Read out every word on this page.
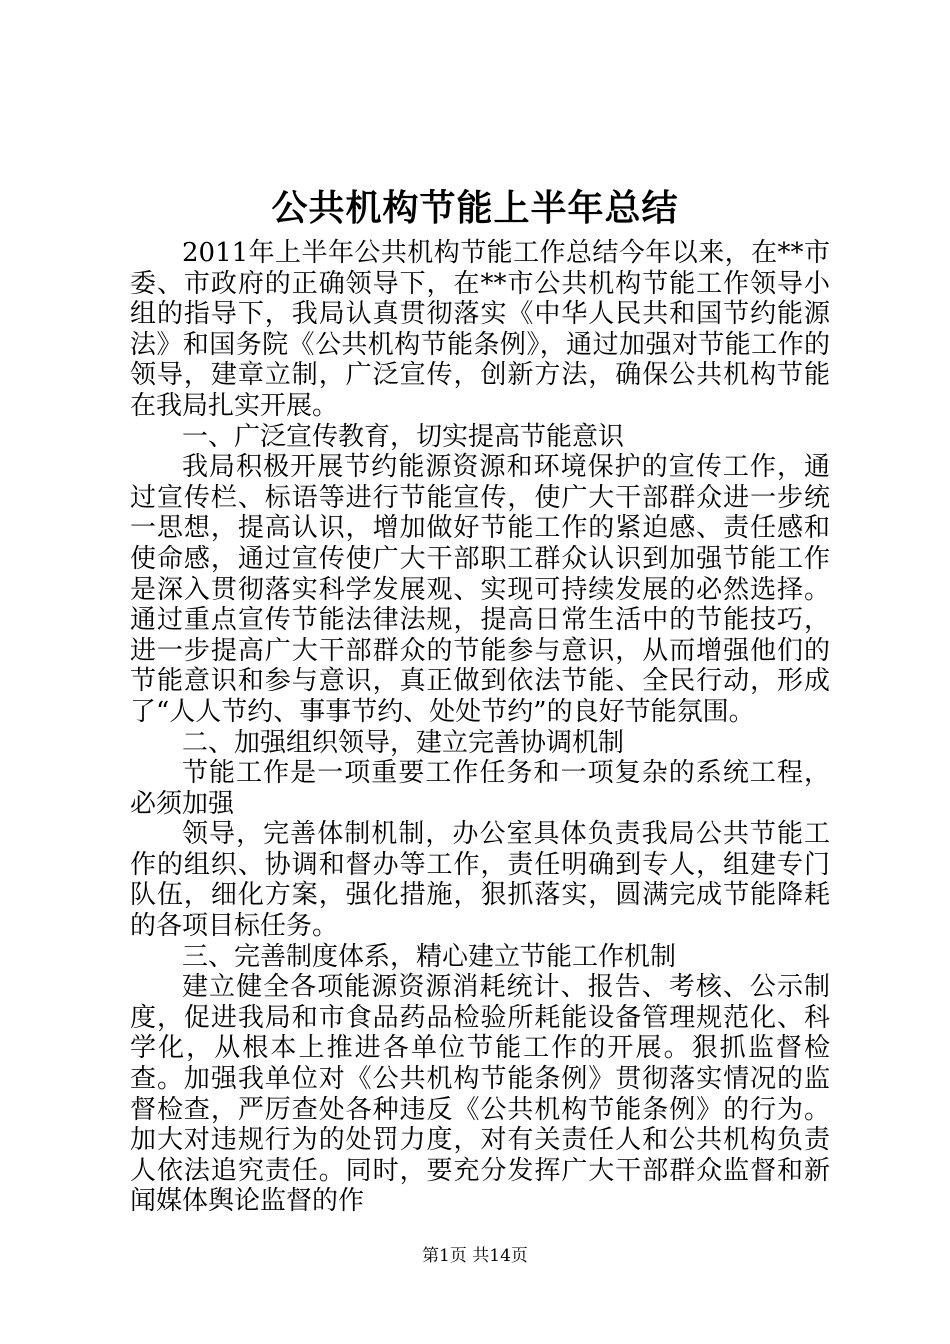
公共机构节能上半年总结

2011年上半年公共机构节能工作总结今年以来，在**市委、市政府的正确领导下，在**市公共机构节能工作领导小组的指导下，我局认真贯彻落实《中华人民共和国节约能源法》和国务院《公共机构节能条例》，通过加强对节能工作的领导，建章立制，广泛宣传，创新方法，确保公共机构节能在我局扎实开展。

一、广泛宣传教育，切实提高节能意识

我局积极开展节约能源资源和环境保护的宣传工作，通过宣传栏、标语等进行节能宣传，使广大干部群众进一步统一思想，提高认识，增加做好节能工作的紧迫感、责任感和使命感，通过宣传使广大干部职工群众认识到加强节能工作是深入贯彻落实科学发展观、实现可持续发展的必然选择。通过重点宣传节能法律法规，提高日常生活中的节能技巧，进一步提高广大干部群众的节能参与意识，从而增强他们的节能意识和参与意识，真正做到依法节能、全民行动，形成了“人人节约、事事节约、处处节约”的良好节能氛围。

二、加强组织领导，建立完善协调机制

节能工作是一项重要工作任务和一项复杂的系统工程，必须加强

领导，完善体制机制，办公室具体负责我局公共节能工作的组织、协调和督办等工作，责任明确到专人，组建专门队伍，细化方案，强化措施，狠抓落实，圆满完成节能降耗的各项目标任务。

三、完善制度体系，精心建立节能工作机制

建立健全各项能源资源消耗统计、报告、考核、公示制度，促进我局和市食品药品检验所耗能设备管理规范化、科学化，从根本上推进各单位节能工作的开展。狠抓监督检查。加强我单位对《公共机构节能条例》贯彻落实情况的监督检查，严厉查处各种违反《公共机构节能条例》的行为。加大对违规行为的处罚力度，对有关责任人和公共机构负责人依法追究责任。同时，要充分发挥广大干部群众监督和新闻媒体舆论监督的作

第1页 共14页
